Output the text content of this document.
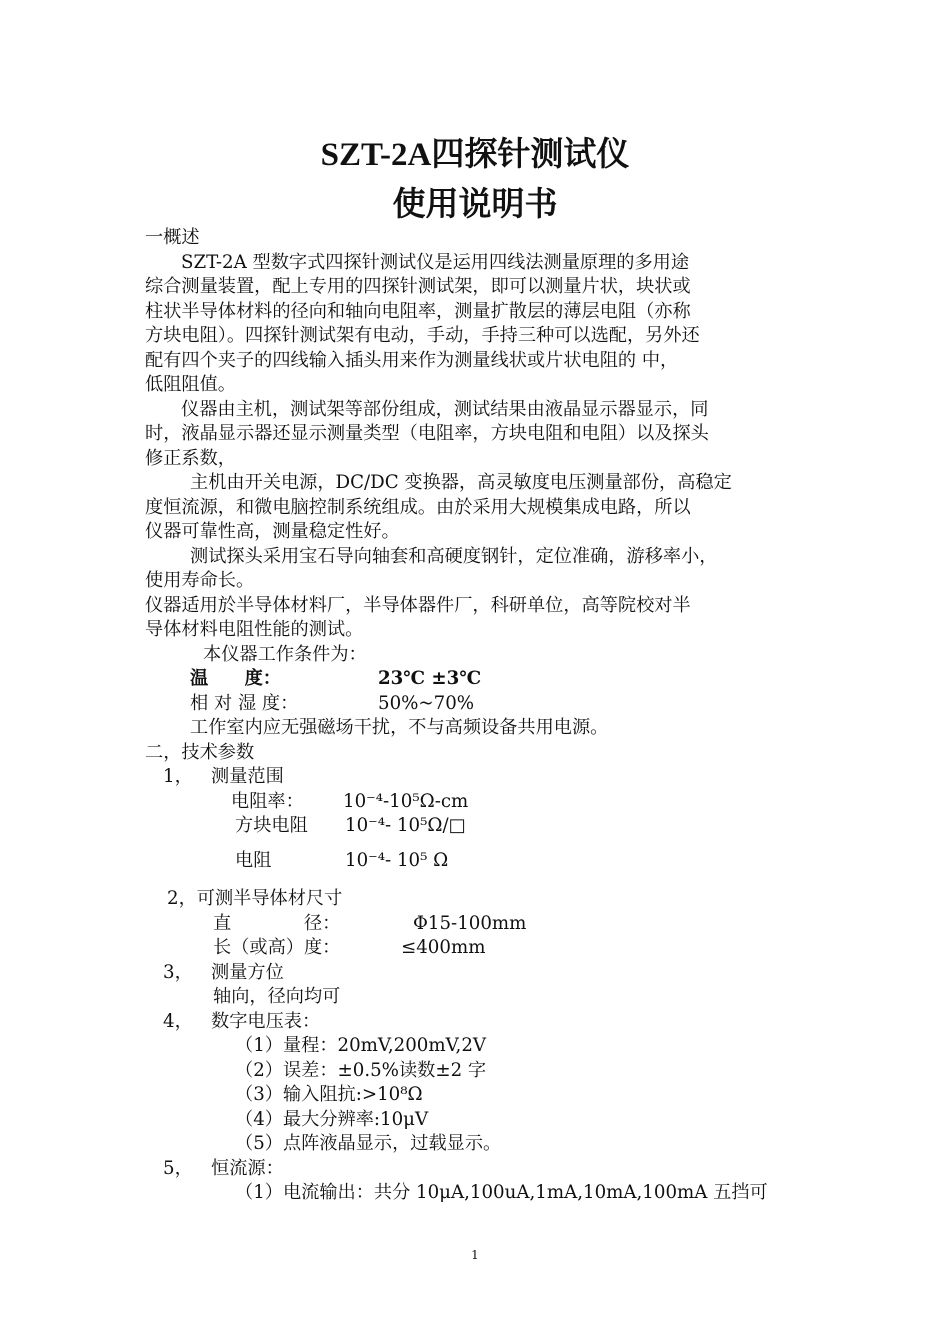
SZT-2A四探针测试仪
使用说明书
一概述
SZT-2A 型数字式四探针测试仪是运用四线法测量原理的多用途
综合测量装置，配上专用的四探针测试架，即可以测量片状，块状或
柱状半导体材料的径向和轴向电阻率，测量扩散层的薄层电阻（亦称
方块电阻）。四探针测试架有电动，手动，手持三种可以选配，另外还
配有四个夹子的四线输入插头用来作为测量线状或片状电阻的 中，
低阻阻值。
仪器由主机，测试架等部份组成，测试结果由液晶显示器显示，同
时，液晶显示器还显示测量类型（电阻率，方块电阻和电阻）以及探头
修正系数，
主机由开关电源，DC/DC 变换器，高灵敏度电压测量部份，高稳定
度恒流源，和微电脑控制系统组成。由於采用大规模集成电路，所以
仪器可靠性高，测量稳定性好。
测试探头采用宝石导向轴套和高硬度钢针，定位准确，游移率小，
使用寿命长。
仪器适用於半导体材料厂，半导体器件厂，科研单位，高等院校对半
导体材料电阻性能的测试。
本仪器工作条件为：
温　　度：	23℃ ±3℃
相 对 湿 度：	50%~70%
工作室内应无强磁场干扰，不与高频设备共用电源。
二，技术参数
1， 测量范围
电阻率： 10⁻⁴-10⁵Ω-cm
方块电阻 10⁻⁴- 10⁵Ω/□
电阻	10⁻⁴- 10⁵ Ω
2，可测半导体材尺寸
直　　　　径：	Φ15-100mm
长（或高）度：	≤400mm
3， 测量方位
轴向，径向均可
4， 数字电压表：
（1）量程：20mV,200mV,2V
（2）误差：±0.5%读数±2 字
（3）输入阻抗:>10⁸Ω
（4）最大分辨率:10μV
（5）点阵液晶显示，过载显示。
5， 恒流源：
（1）电流输出：共分 10μA,100uA,1mA,10mA,100mA 五挡可
1
